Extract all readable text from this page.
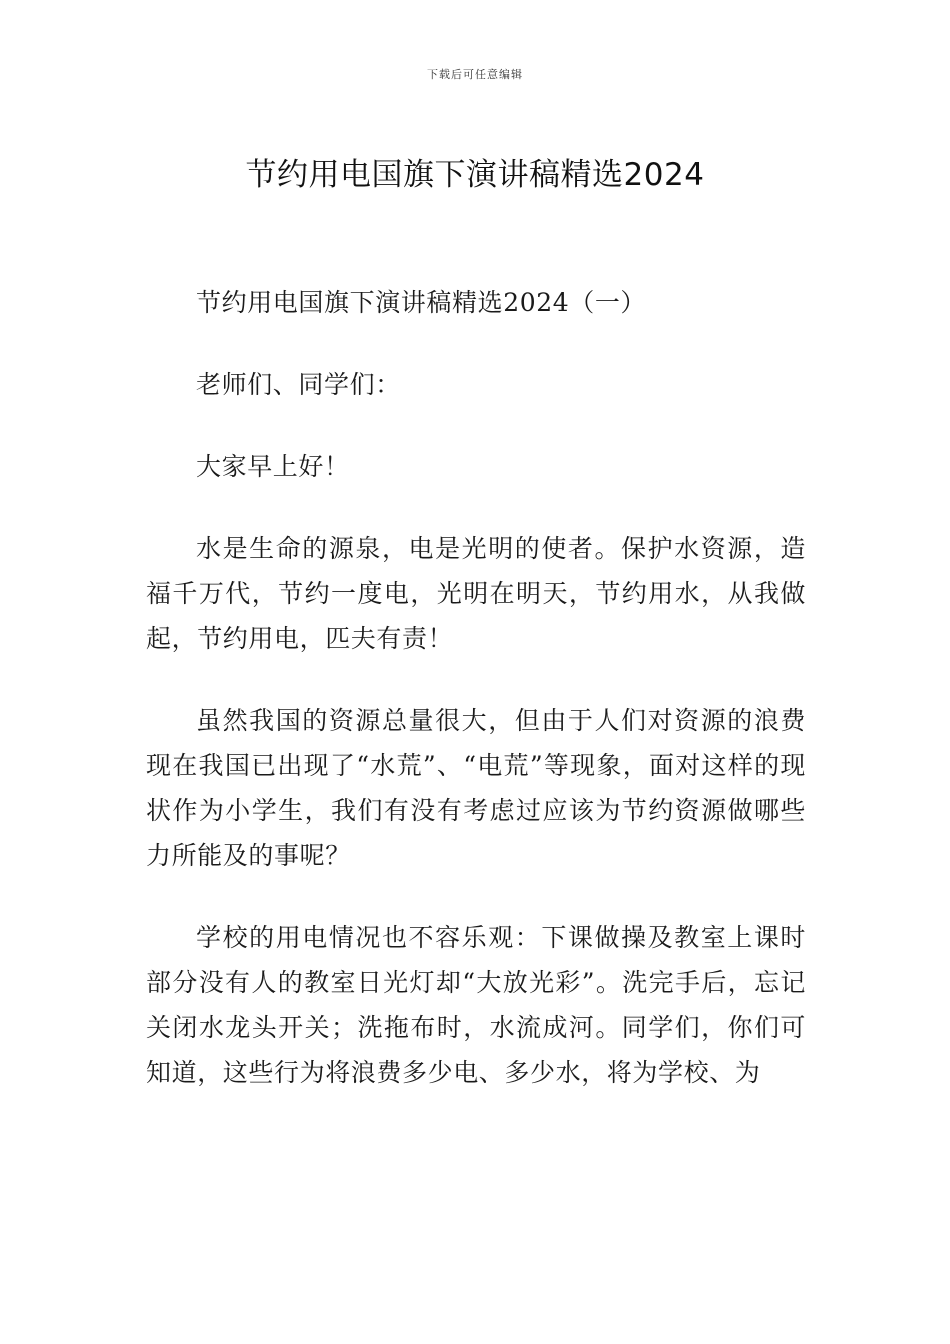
下载后可任意编辑
节约用电国旗下演讲稿精选2024

节约用电国旗下演讲稿精选2024（一）

老师们、同学们：

大家早上好！

水是生命的源泉，电是光明的使者。保护水资源，造福千万代，节约一度电，光明在明天，节约用水，从我做起，节约用电，匹夫有责！

虽然我国的资源总量很大，但由于人们对资源的浪费现在我国已出现了“水荒”、“电荒”等现象，面对这样的现状作为小学生，我们有没有考虑过应该为节约资源做哪些力所能及的事呢？

学校的用电情况也不容乐观：下课做操及教室上课时部分没有人的教室日光灯却“大放光彩”。洗完手后，忘记关闭水龙头开关；洗拖布时，水流成河。同学们，你们可知道，这些行为将浪费多少电、多少水，将为学校、为
